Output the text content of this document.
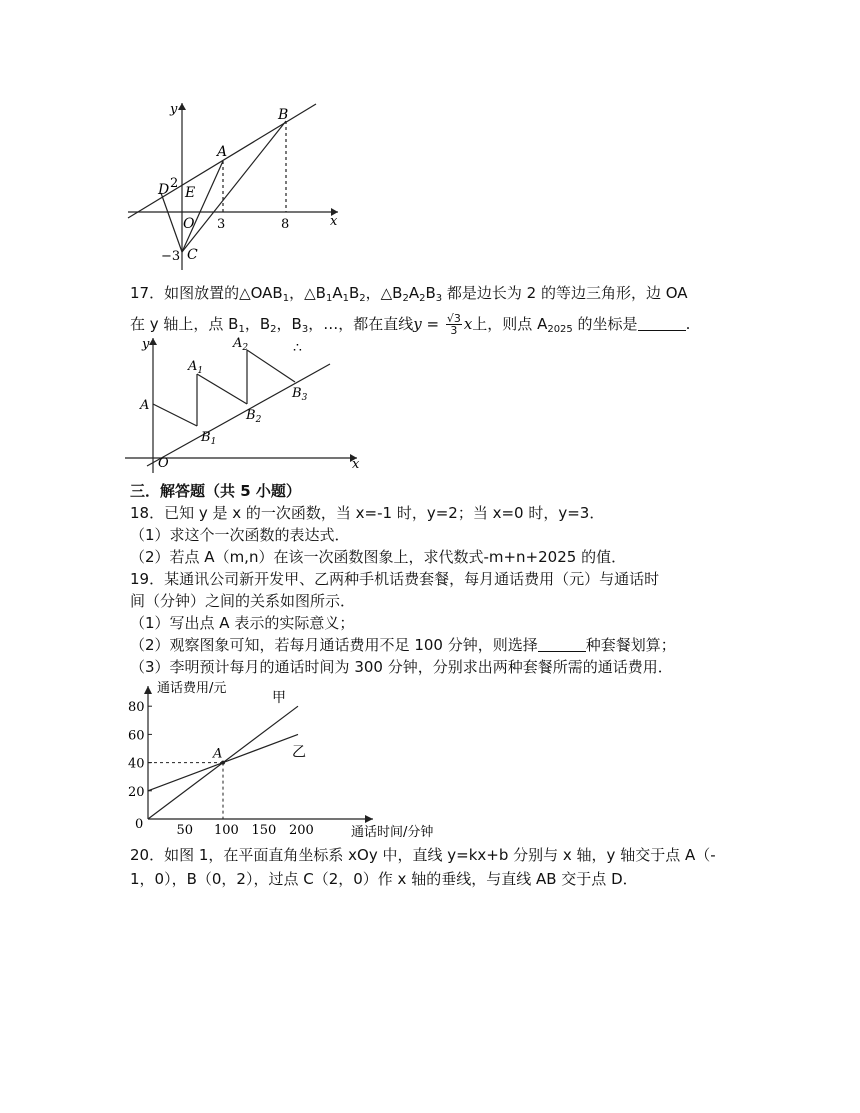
y	B
A
D 2
E
O 3	8	x
−3 C
17．如图放置的$\triangle OAB_1$，$\triangle B_1A_1B_2$，$\triangle B_2A_2B_3$ 都是边长为 2 的等边三角形，边 OA
在 y 轴上，点 $B_1$，$B_2$，$B_3$，…，都在直线$y = \frac{√3}{3}$ x上，则点 $A_{2025}$ 的坐标是	.
y
$A_1$
$A_2$	∴
A
$B_1$
$B_2$
$B_3$
O	x
三．解答题（共 5 小题）
18．已知 y 是 x 的一次函数，当 x=-1 时，y=2；当 x=0 时，y=3．
（1）求这个一次函数的表达式．
（2）若点 A（m,n）在该一次函数图象上，求代数式-m+n+2025 的值．
19．某通讯公司新开发甲、乙两种手机话费套餐，每月通话费用（元）与通话时
间（分钟）之间的关系如图所示．
（1）写出点 A 表示的实际意义；
（2）观察图象可知，若每月通话费用不足 100 分钟，则选择	种套餐划算；
（3）李明预计每月的通话时间为 300 分钟，分别求出两种套餐所需的通话费用．
甲
乙
50 100 150 200
20
40
60
80
A
通话费用/元
通话时间/分钟
0
20．如图 1，在平面直角坐标系 xOy 中，直线 y=kx+b 分别与 x 轴，y 轴交于点 A（-
1，0），B（0，2），过点 C（2，0）作 x 轴的垂线，与直线 AB 交于点 D．
